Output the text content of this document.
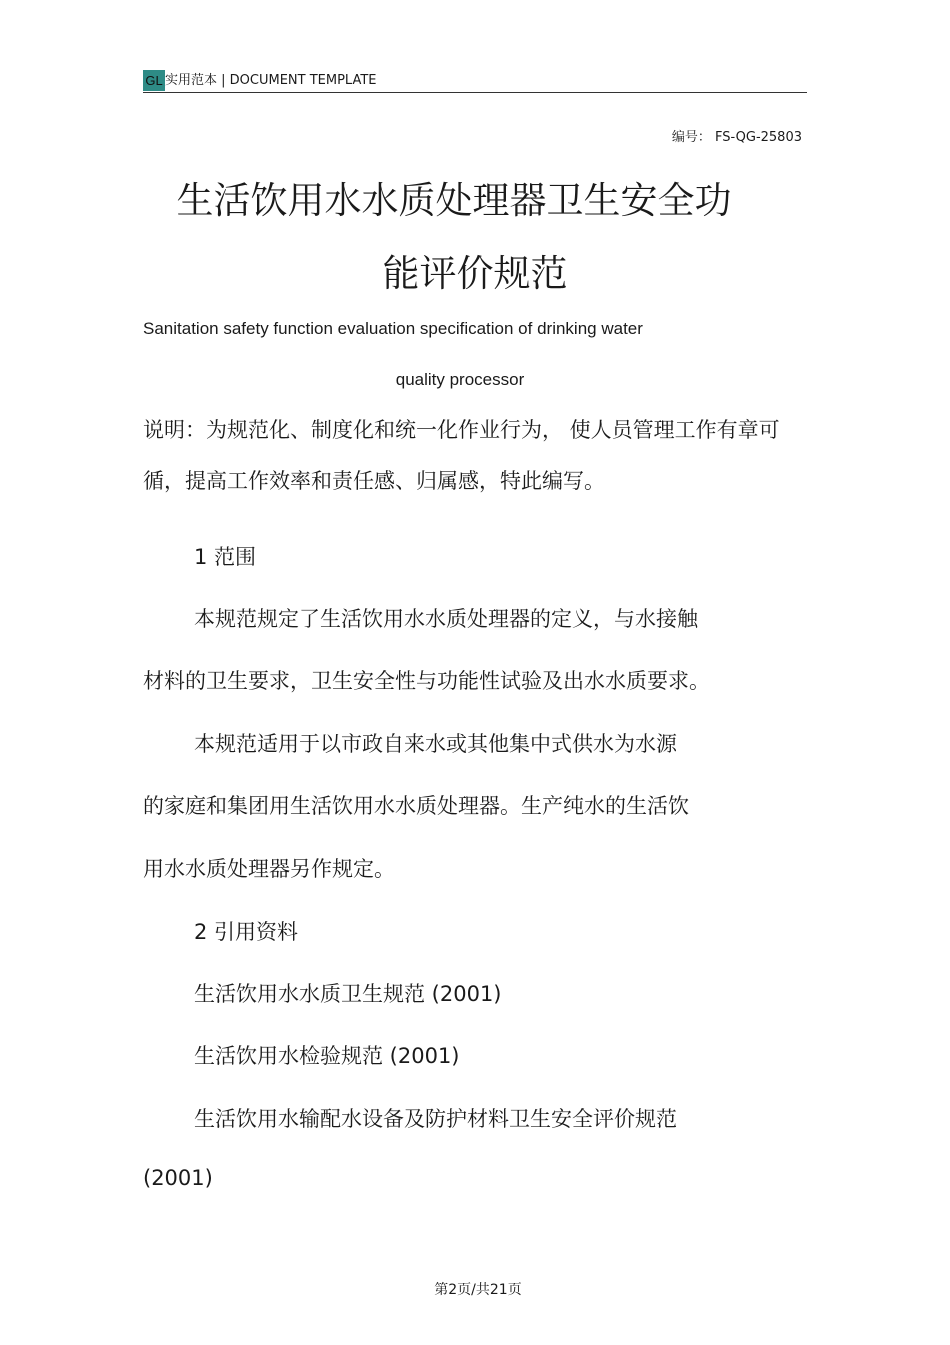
GL 实用范本 | DOCUMENT TEMPLATE
编号： FS-QG-25803
生活饮用水水质处理器卫生安全功
能评价规范
Sanitation safety function evaluation specification of drinking water
quality processor

说明：为规范化、制度化和统一化作业行为， 使人员管理工作有章可

循，提高工作效率和责任感、归属感，特此编写。

1 范围

本规范规定了生活饮用水水质处理器的定义，与水接触

材料的卫生要求，卫生安全性与功能性试验及出水水质要求。

本规范适用于以市政自来水或其他集中式供水为水源

的家庭和集团用生活饮用水水质处理器。生产纯水的生活饮

用水水质处理器另作规定。

2 引用资料

生活饮用水水质卫生规范 (2001)

生活饮用水检验规范 (2001)

生活饮用水输配水设备及防护材料卫生安全评价规范

(2001)

第2页/共21页
